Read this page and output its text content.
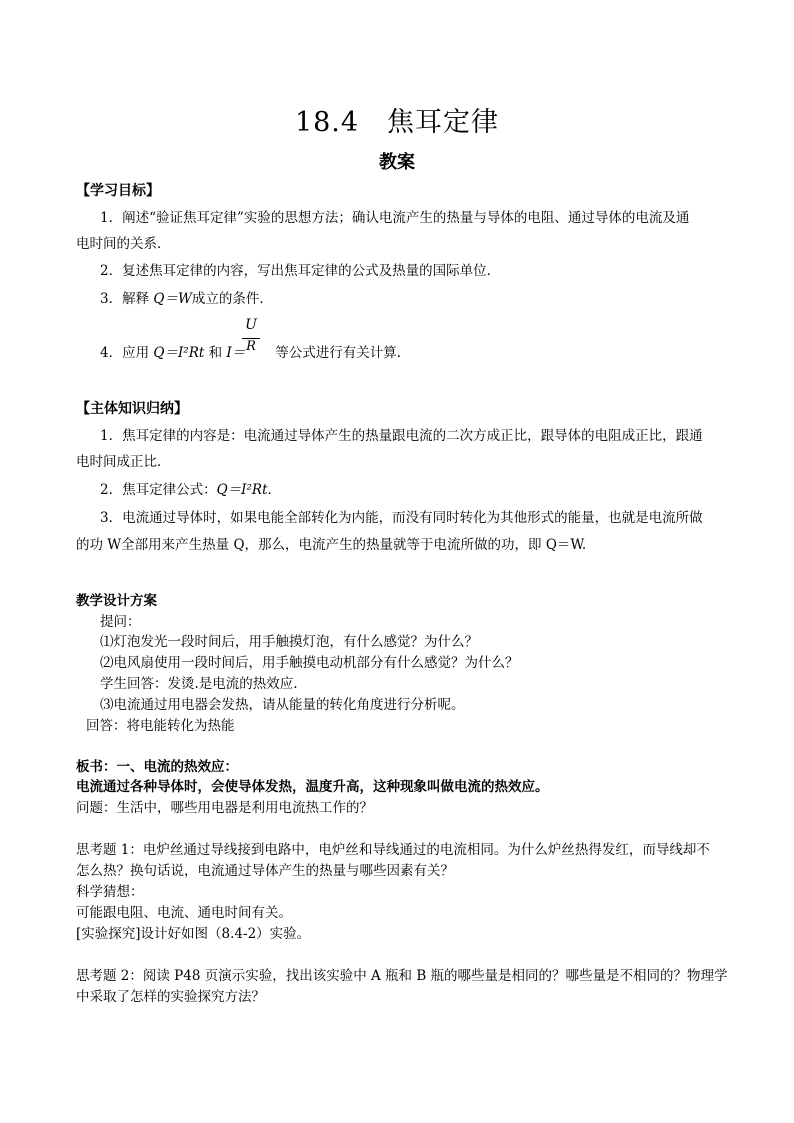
18.4　焦耳定律
教案
【学习目标】
1．阐述“验证焦耳定律”实验的思想方法；确认电流产生的热量与导体的电阻、通过导体的电流及通
电时间的关系．
2．复述焦耳定律的内容，写出焦耳定律的公式及热量的国际单位．
3．解释 Q＝W成立的条件．
4．应用 Q＝I²Rt 和 I＝ 等公式进行有关计算．
U
R
【主体知识归纳】
1．焦耳定律的内容是：电流通过导体产生的热量跟电流的二次方成正比，跟导体的电阻成正比，跟通
电时间成正比．
2．焦耳定律公式：Q＝I²Rt．
3．电流通过导体时，如果电能全部转化为内能，而没有同时转化为其他形式的能量，也就是电流所做
的功 W全部用来产生热量 Q，那么，电流产生的热量就等于电流所做的功，即 Q＝W.
教学设计方案
提问：
⑴灯泡发光一段时间后，用手触摸灯泡，有什么感觉？为什么？
⑵电风扇使用一段时间后，用手触摸电动机部分有什么感觉？为什么？
学生回答：发烫.是电流的热效应.
⑶电流通过用电器会发热，请从能量的转化角度进行分析呢。
回答：将电能转化为热能
板书：一、电流的热效应：
电流通过各种导体时，会使导体发热，温度升高，这种现象叫做电流的热效应。
问题：生活中，哪些用电器是利用电流热工作的？
思考题 1：电炉丝通过导线接到电路中，电炉丝和导线通过的电流相同。为什么炉丝热得发红，而导线却不
怎么热？换句话说，电流通过导体产生的热量与哪些因素有关？
科学猜想：
可能跟电阻、电流、通电时间有关。
[实验探究]设计好如图（8.4-2）实验。
思考题 2：阅读 P48 页演示实验，找出该实验中 A 瓶和 B 瓶的哪些量是相同的？哪些量是不相同的？物理学
中采取了怎样的实验探究方法？
